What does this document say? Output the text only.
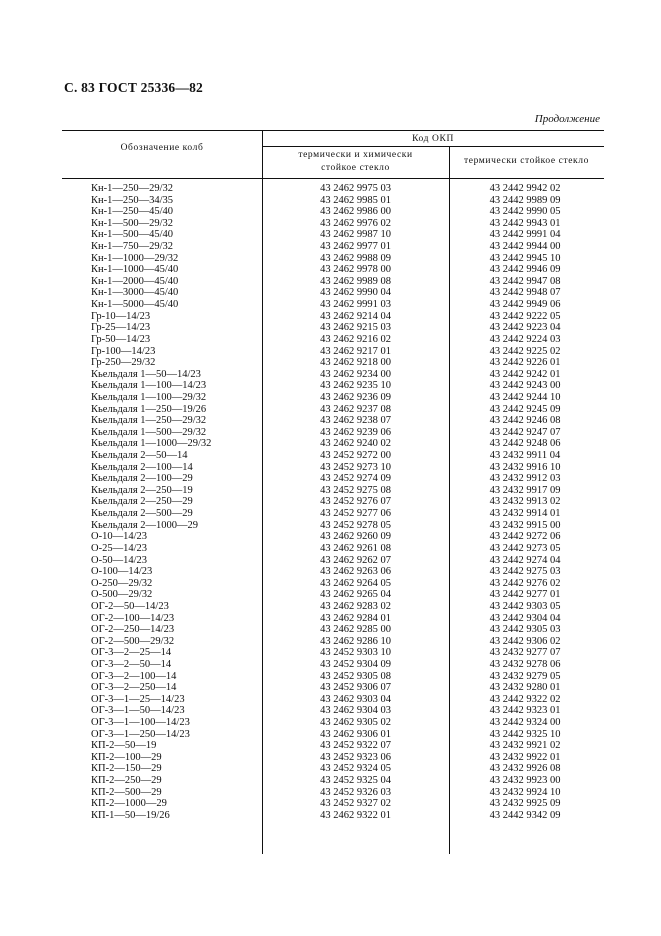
С. 83 ГОСТ 25336—82
Продолжение
Обозначение колб
Код ОКП
термически и химически
стойкое стекло
термически стойкое стекло
Кн-1—250—29/32	43 2462 9975 03	43 2442 9942 02
Кн-1—250—34/35	43 2462 9985 01	43 2442 9989 09
Кн-1—250—45/40	43 2462 9986 00	43 2442 9990 05
Кн-1—500—29/32	43 2462 9976 02	43 2442 9943 01
Кн-1—500—45/40	43 2462 9987 10	43 2442 9991 04
Кн-1—750—29/32	43 2462 9977 01	43 2442 9944 00
Кн-1—1000—29/32	43 2462 9988 09	43 2442 9945 10
Кн-1—1000—45/40	43 2462 9978 00	43 2442 9946 09
Кн-1—2000—45/40	43 2462 9989 08	43 2442 9947 08
Кн-1—3000—45/40	43 2462 9990 04	43 2442 9948 07
Кн-1—5000—45/40	43 2462 9991 03	43 2442 9949 06
Гр-10—14/23	43 2462 9214 04	43 2442 9222 05
Гр-25—14/23	43 2462 9215 03	43 2442 9223 04
Гр-50—14/23	43 2462 9216 02	43 2442 9224 03
Гр-100—14/23	43 2462 9217 01	43 2442 9225 02
Гр-250—29/32	43 2462 9218 00	43 2442 9226 01
Кьельдаля 1—50—14/23	43 2462 9234 00	43 2442 9242 01
Кьельдаля 1—100—14/23	43 2462 9235 10	43 2442 9243 00
Кьельдаля 1—100—29/32	43 2462 9236 09	43 2442 9244 10
Кьельдаля 1—250—19/26	43 2462 9237 08	43 2442 9245 09
Кьельдаля 1—250—29/32	43 2462 9238 07	43 2442 9246 08
Кьельдаля 1—500—29/32	43 2462 9239 06	43 2442 9247 07
Кьельдаля 1—1000—29/32	43 2462 9240 02	43 2442 9248 06
Кьельдаля 2—50—14	43 2452 9272 00	43 2432 9911 04
Кьельдаля 2—100—14	43 2452 9273 10	43 2432 9916 10
Кьельдаля 2—100—29	43 2452 9274 09	43 2432 9912 03
Кьельдаля 2—250—19	43 2452 9275 08	43 2432 9917 09
Кьельдаля 2—250—29	43 2452 9276 07	43 2432 9913 02
Кьельдаля 2—500—29	43 2452 9277 06	43 2432 9914 01
Кьельдаля 2—1000—29	43 2452 9278 05	43 2432 9915 00
О-10—14/23	43 2462 9260 09	43 2442 9272 06
О-25—14/23	43 2462 9261 08	43 2442 9273 05
О-50—14/23	43 2462 9262 07	43 2442 9274 04
О-100—14/23	43 2462 9263 06	43 2442 9275 03
О-250—29/32	43 2462 9264 05	43 2442 9276 02
О-500—29/32	43 2462 9265 04	43 2442 9277 01
ОГ-2—50—14/23	43 2462 9283 02	43 2442 9303 05
ОГ-2—100—14/23	43 2462 9284 01	43 2442 9304 04
ОГ-2—250—14/23	43 2462 9285 00	43 2442 9305 03
ОГ-2—500—29/32	43 2462 9286 10	43 2442 9306 02
ОГ-3—2—25—14	43 2452 9303 10	43 2432 9277 07
ОГ-3—2—50—14	43 2452 9304 09	43 2432 9278 06
ОГ-3—2—100—14	43 2452 9305 08	43 2432 9279 05
ОГ-3—2—250—14	43 2452 9306 07	43 2432 9280 01
ОГ-3—1—25—14/23	43 2462 9303 04	43 2442 9322 02
ОГ-3—1—50—14/23	43 2462 9304 03	43 2442 9323 01
ОГ-3—1—100—14/23	43 2462 9305 02	43 2442 9324 00
ОГ-3—1—250—14/23	43 2462 9306 01	43 2442 9325 10
КП-2—50—19	43 2452 9322 07	43 2432 9921 02
КП-2—100—29	43 2452 9323 06	43 2432 9922 01
КП-2—150—29	43 2452 9324 05	43 2432 9926 08
КП-2—250—29	43 2452 9325 04	43 2432 9923 00
КП-2—500—29	43 2452 9326 03	43 2432 9924 10
КП-2—1000—29	43 2452 9327 02	43 2432 9925 09
КП-1—50—19/26	43 2462 9322 01	43 2442 9342 09
